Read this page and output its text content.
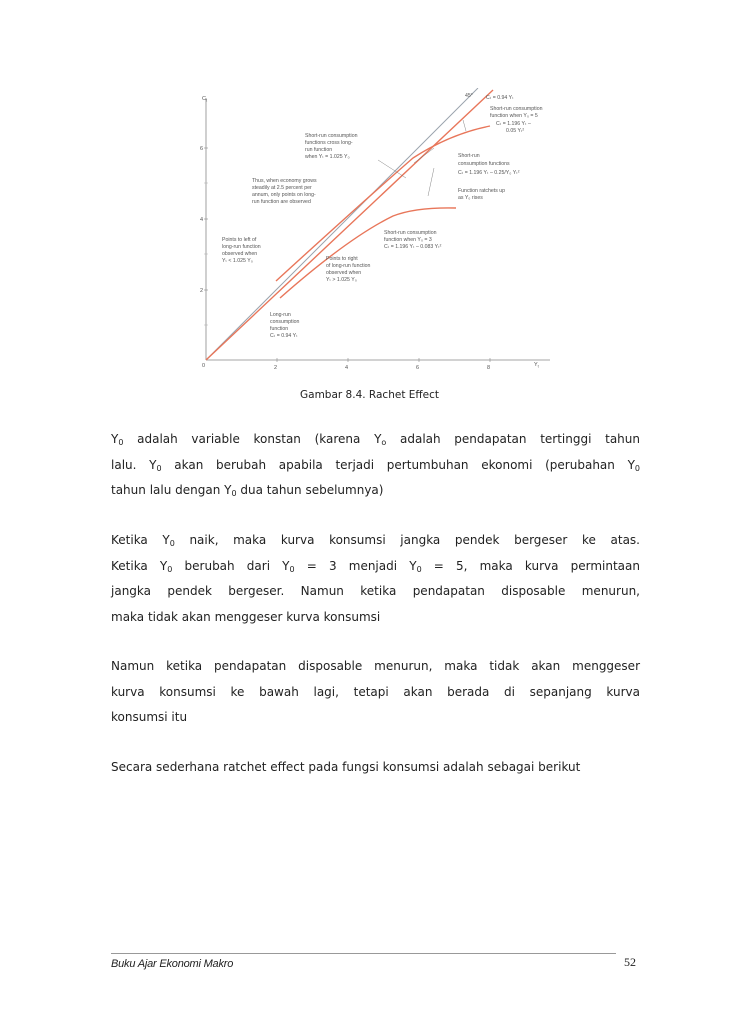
$C_t$
$Y_t$
6
4
2
0	2	4	6	8
45°	Cₜ = 0.94 Yₜ
Short-run consumption function when Y₀ = 5 Cₜ = 1.196 Yₜ – 0.05 Yₜ²
Short-run consumption functions cross long- run function when Yₜ = 1.025 Y₀	Short-run consumption functions Cₜ = 1.196 Yₜ – 0.25/Y₀ Yₜ²
Function ratchets up as Y₀ rises
Thus, when economy grows steadily at 2.5 percent per annum, only points on long- run function are observed
Points to left of long-run function observed when Yₜ < 1.025 Y₀
Short-run consumption function when Y₀ = 3 Cₜ = 1.196 Yₜ – 0.083 Yₜ²
Points to right of long-run function observed when Yₜ > 1.025 Y₀
Long-run consumption function Cₜ = 0.94 Yₜ
Gambar 8.4. Rachet Effect

$Y_0$ adalah variable konstan (karena $Y_o$ adalah pendapatan tertinggi tahun
lalu. $Y_0$ akan berubah apabila terjadi pertumbuhan ekonomi (perubahan $Y_0$
tahun lalu dengan $Y_0$ dua tahun sebelumnya)

Ketika $Y_0$ naik, maka kurva konsumsi jangka pendek bergeser ke atas.
Ketika $Y_0$ berubah dari $Y_0 = 3$ menjadi $Y_0 = 5$, maka kurva permintaan
jangka pendek bergeser. Namun ketika pendapatan disposable menurun,
maka tidak akan menggeser kurva konsumsi

Namun ketika pendapatan disposable menurun, maka tidak akan menggeser
kurva konsumsi ke bawah lagi, tetapi akan berada di sepanjang kurva
konsumsi itu

Secara sederhana ratchet effect pada fungsi konsumsi adalah sebagai berikut

Buku Ajar Ekonomi Makro	52
